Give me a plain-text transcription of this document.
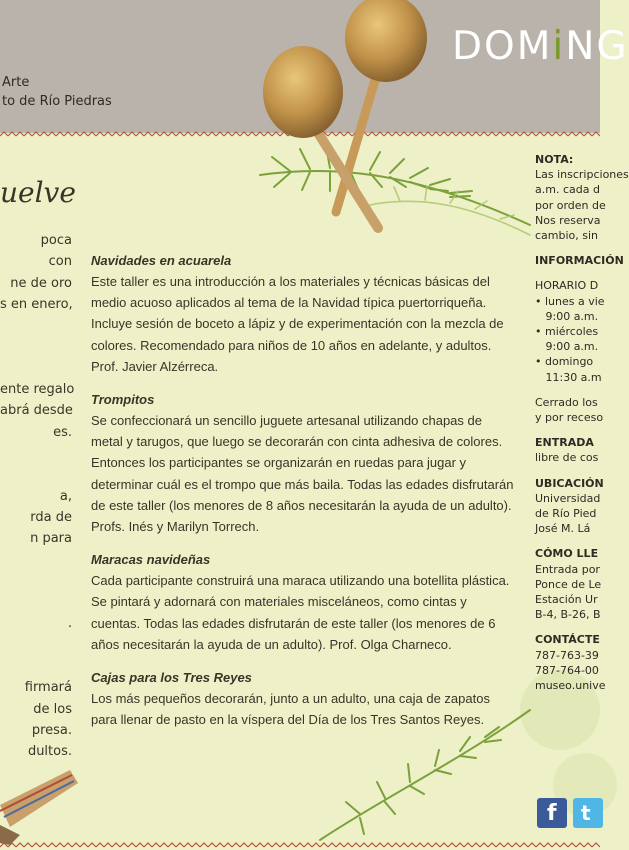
DOMiNG
Arte
to de Río Piedras
uelve
poca
con
ne de oro
s en enero,
ente regalo
abrá desde
es.
a,
rda de
n para
.
firmará
de los
presa.
dultos.
Navidades en acuarela
Este taller es una introducción a los materiales y técnicas básicas del medio acuoso aplicados al tema de la Navidad típica puertorriqueña. Incluye sesión de boceto a lápiz y de experimentación con la mezcla de colores. Recomendado para niños de 10 años en adelante, y adultos. Prof. Javier Alzérreca.
Trompitos
Se confeccionará un sencillo juguete artesanal utilizando chapas de metal y tarugos, que luego se decorarán con cinta adhesiva de colores. Entonces los participantes se organizarán en ruedas para jugar y determinar cuál es el trompo que más baila. Todas las edades disfrutarán de este taller (los menores de 8 años necesitarán la ayuda de un adulto). Profs. Inés y Marilyn Torrech.
Maracas navideñas
Cada participante construirá una maraca utilizando una botellita plástica. Se pintará y adornará con materiales misceláneos, como cintas y cuentas. Todas las edades disfrutarán de este taller (los menores de 6 años necesitarán la ayuda de un adulto). Prof. Olga Charneco.
Cajas para los Tres Reyes
Los más pequeños decorarán, junto a un adulto, una caja de zapatos para llenar de pasto en la víspera del Día de los Tres Santos Reyes.
NOTA:
Las inscripciones
a.m. cada d
por orden de
Nos reserva
cambio, sin
INFORMACIÓN
HORARIO D
• lunes a vie
9:00 a.m.
• miércoles
9:00 a.m.
• domingo
11:30 a.m
Cerrado los
y por receso
ENTRADA
libre de cos
UBICACIÓN
Universidad
de Río Pied
José M. Lá
CÓMO LLE
Entrada por
Ponce de Le
Estación Ur
B-4, B-26, B
CONTÁCTE
787-763-39
787-764-00
museo.unive
f t
